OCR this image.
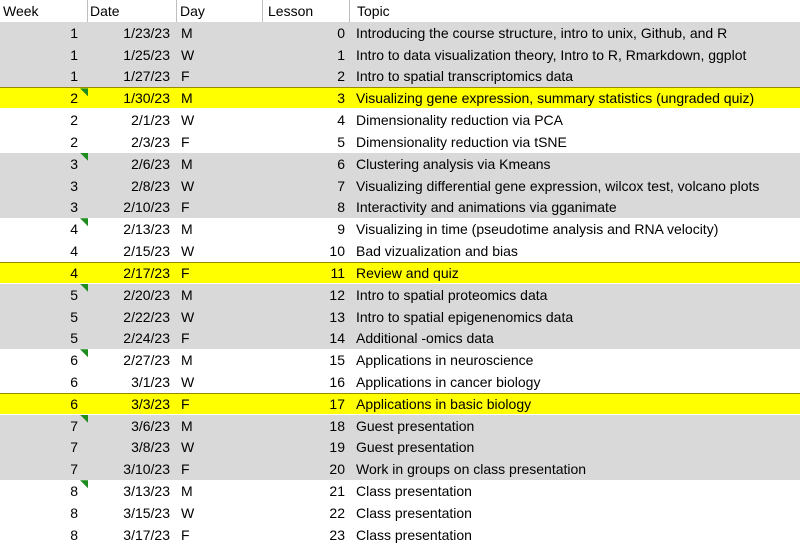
Week	Date	Day	Lesson	Topic
1	1/23/23 M	0 Introducing the course structure, intro to unix, Github, and R
1	1/25/23 W	1 Intro to data visualization theory, Intro to R, Rmarkdown, ggplot
1	1/27/23 F	2 Intro to spatial transcriptomics data
2	1/30/23 M	3 Visualizing gene expression, summary statistics (ungraded quiz)
2	2/1/23 W	4 Dimensionality reduction via PCA
2	2/3/23 F	5 Dimensionality reduction via tSNE
3	2/6/23 M	6 Clustering analysis via Kmeans
3	2/8/23 W	7 Visualizing differential gene expression, wilcox test, volcano plots
3	2/10/23 F	8 Interactivity and animations via gganimate
4	2/13/23 M	9 Visualizing in time (pseudotime analysis and RNA velocity)
4	2/15/23 W	10 Bad vizualization and bias
4	2/17/23 F	11 Review and quiz
5	2/20/23 M	12 Intro to spatial proteomics data
5	2/22/23 W	13 Intro to spatial epigenenomics data
5	2/24/23 F	14 Additional -omics data
6	2/27/23 M	15 Applications in neuroscience
6	3/1/23 W	16 Applications in cancer biology
6	3/3/23 F	17 Applications in basic biology
7	3/6/23 M	18 Guest presentation
7	3/8/23 W	19 Guest presentation
7	3/10/23 F	20 Work in groups on class presentation
8	3/13/23 M	21 Class presentation
8	3/15/23 W	22 Class presentation
8	3/17/23 F	23 Class presentation
